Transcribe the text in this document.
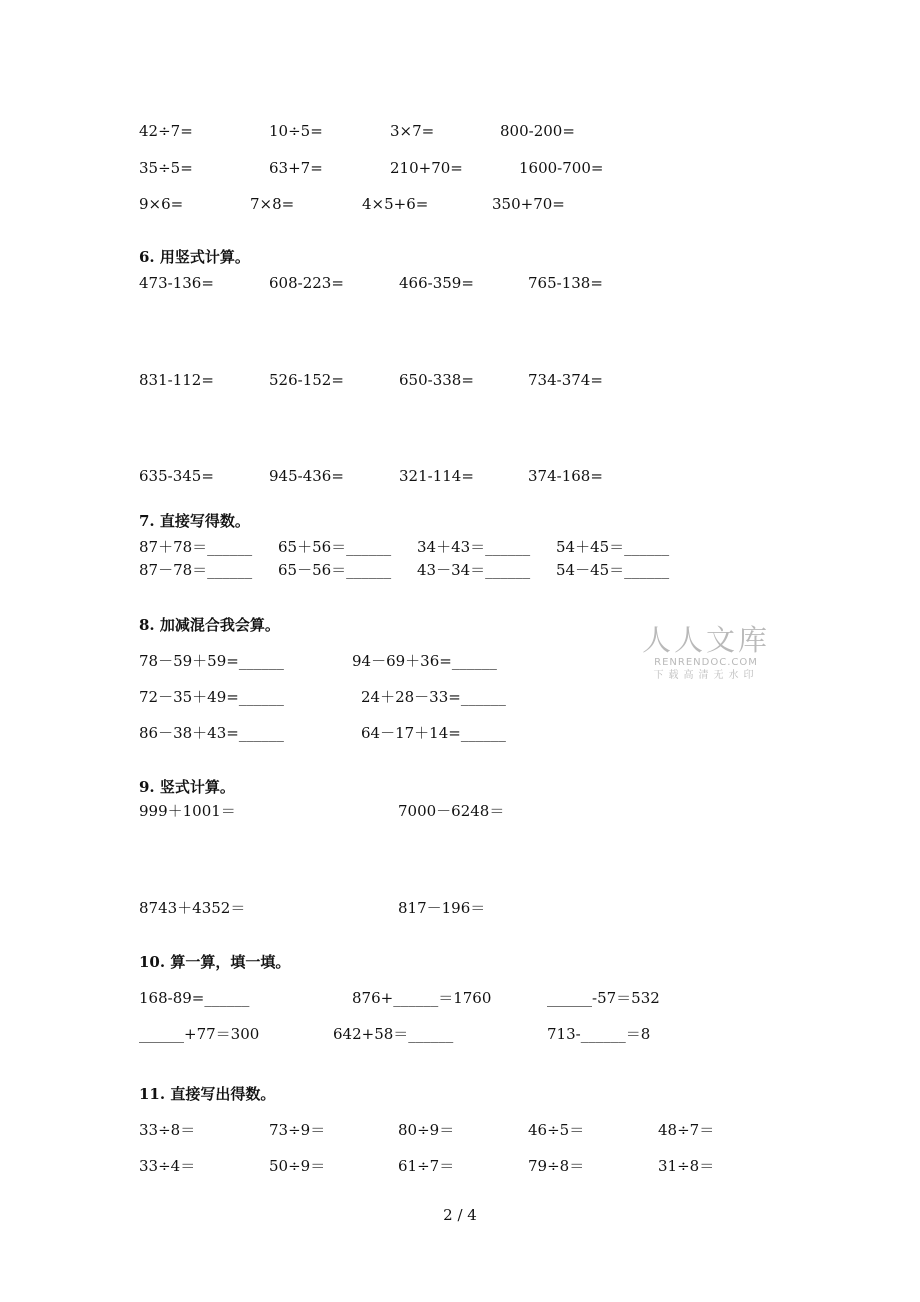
42÷7=	10÷5=	3×7=	800-200=
35÷5=	63+7=	210+70=	1600-700=
9×6=	7×8=	4×5+6=	350+70=
6. 用竖式计算。
473-136=	608-223=	466-359=	765-138=
831-112=	526-152=	650-338=	734-374=
635-345=	945-436=	321-114=	374-168=
7. 直接写得数。
87＋78＝______ 65＋56＝______ 34＋43＝______ 54＋45＝______
87－78＝______ 65－56＝______ 43－34＝______ 54－45＝______
8. 加减混合我会算。
78－59＋59=______	94－69＋36=______
72－35＋49=______	24＋28－33=______
86－38＋43=______	64－17＋14=______
人人文库
RENRENDOC.COM
下载高清无水印
9. 竖式计算。
999＋1001＝	7000－6248＝
8743＋4352＝	817－196＝
10. 算一算，填一填。
168-89=______	876+______＝1760	______-57＝532
______+77＝300	642+58＝______	713-______＝8
11. 直接写出得数。
33÷8＝	73÷9＝	80÷9＝	46÷5＝	48÷7＝
33÷4＝	50÷9＝	61÷7＝	79÷8＝	31÷8＝
2 / 4
